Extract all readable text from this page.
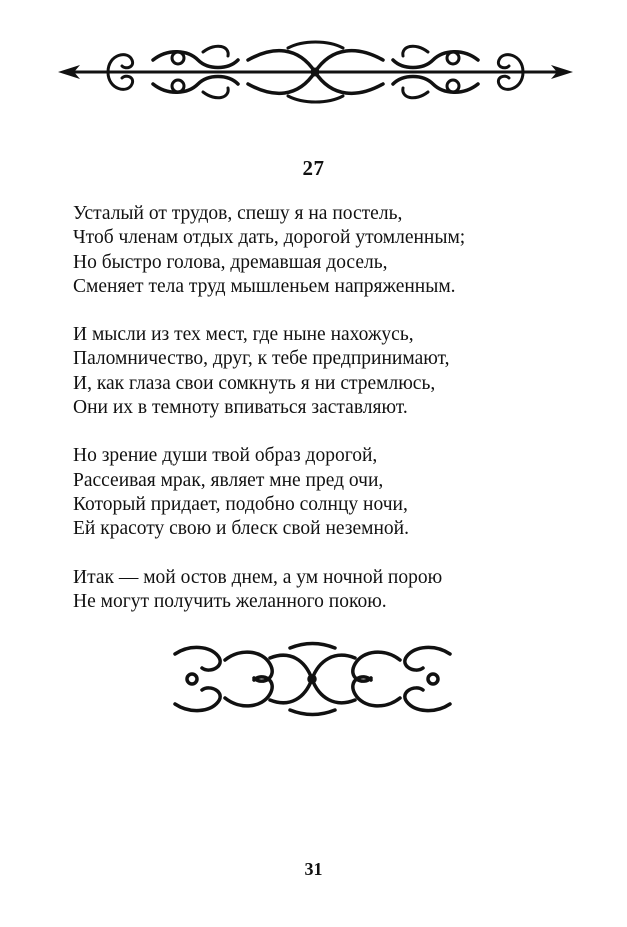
27
Усталый от трудов, спешу я на постель,
Чтоб членам отдых дать, дорогой утомленным;
Но быстро голова, дремавшая досель,
Сменяет тела труд мышленьем напряженным.
И мысли из тех мест, где ныне нахожусь,
Паломничество, друг, к тебе предпринимают,
И, как глаза свои сомкнуть я ни стремлюсь,
Они их в темноту впиваться заставляют.
Но зрение души твой образ дорогой,
Рассеивая мрак, являет мне пред очи,
Который придает, подобно солнцу ночи,
Ей красоту свою и блеск свой неземной.
Итак — мой остов днем, а ум ночной порою
Не могут получить желанного покою.
31
